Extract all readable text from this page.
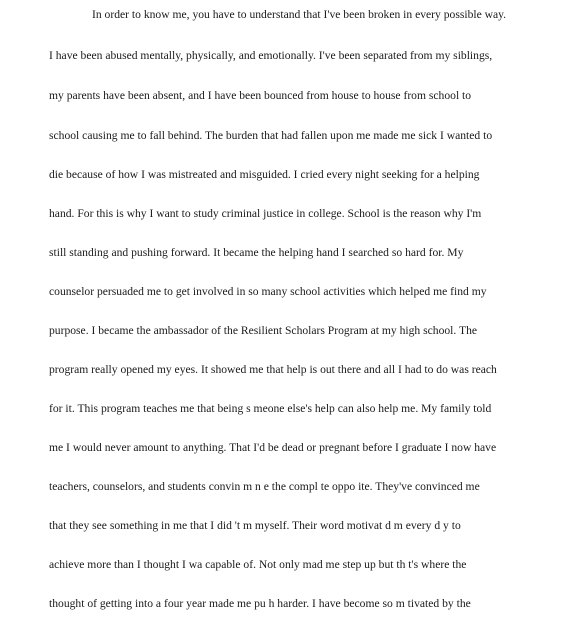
In order to know me, you have to understand that I've been broken in every possible way.
I have been abused mentally, physically, and emotionally. I've been separated from my siblings,
my parents have been absent, and I have been bounced from house to house from school to
school causing me to fall behind. The burden that had fallen upon me made me sick I wanted to
die because of how I was mistreated and misguided. I cried every night seeking for a helping
hand. For this is why I want to study criminal justice in college. School is the reason why I'm
still standing and pushing forward. It became the helping hand I searched so hard for. My
counselor persuaded me to get involved in so many school activities which helped me find my
purpose. I became the ambassador of the Resilient Scholars Program at my high school. The
program really opened my eyes. It showed me that help is out there and all I had to do was reach
for it. This program teaches me that being s meone else's help can also help me. My family told
me I would never amount to anything. That I'd be dead or pregnant before I graduate I now have
teachers, counselors, and students convin m n e the compl te oppo ite. They've convinced me
that they see something in me that I did 't m myself. Their word motivat d m every d y to
achieve more than I thought I wa capable of. Not only mad me step up but th t's where the
thought of getting into a four year made me pu h harder. I have become so m tivated by the
